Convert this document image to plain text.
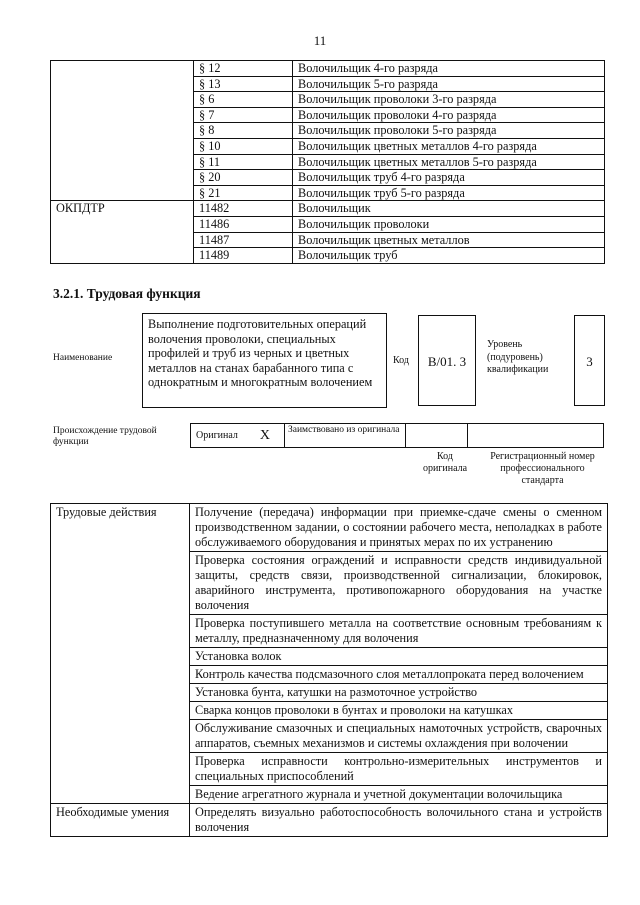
11
	§ 12	Волочильщик 4-го разряда
	§ 13	Волочильщик 5-го разряда
	§ 6	Волочильщик проволоки 3-го разряда
	§ 7	Волочильщик проволоки 4-го разряда
	§ 8	Волочильщик проволоки 5-го разряда
	§ 10	Волочильщик цветных металлов 4-го разряда
	§ 11	Волочильщик цветных металлов 5-го разряда
	§ 20	Волочильщик труб 4-го разряда
	§ 21	Волочильщик труб 5-го разряда
ОКПДТР	11482	Волочильщик
	11486	Волочильщик проволоки
	11487	Волочильщик цветных металлов
	11489	Волочильщик труб
3.2.1. Трудовая функция
Наименование
Выполнение подготовительных операций волочения проволоки, специальных профилей и труб из черных и цветных металлов на станах барабанного типа с однократным и многократным волочением
Код	B/01. 3
Уровень (подуровень) квалификации
3
Происхождение трудовой функции
Оригинал X	Заимствовано из оригинала
Код оригинала
Регистрационный номер профессионального стандарта
Трудовые действия	Получение (передача) информации при приемке-сдаче смены о сменном производственном задании, о состоянии рабочего места, неполадках в работе обслуживаемого оборудования и принятых мерах по их устранению
	Проверка состояния ограждений и исправности средств индивидуальной защиты, средств связи, производственной сигнализации, блокировок, аварийного инструмента, противопожарного оборудования на участке волочения
	Проверка поступившего металла на соответствие основным требованиям к металлу, предназначенному для волочения
	Установка волок
	Контроль качества подсмазочного слоя металлопроката перед волочением
	Установка бунта, катушки на размоточное устройство
	Сварка концов проволоки в бунтах и проволоки на катушках
	Обслуживание смазочных и специальных намоточных устройств, сварочных аппаратов, съемных механизмов и системы охлаждения при волочении
	Проверка исправности контрольно-измерительных инструментов и специальных приспособлений
	Ведение агрегатного журнала и учетной документации волочильщика
Необходимые умения	Определять визуально работоспособность волочильного стана и устройств волочения
